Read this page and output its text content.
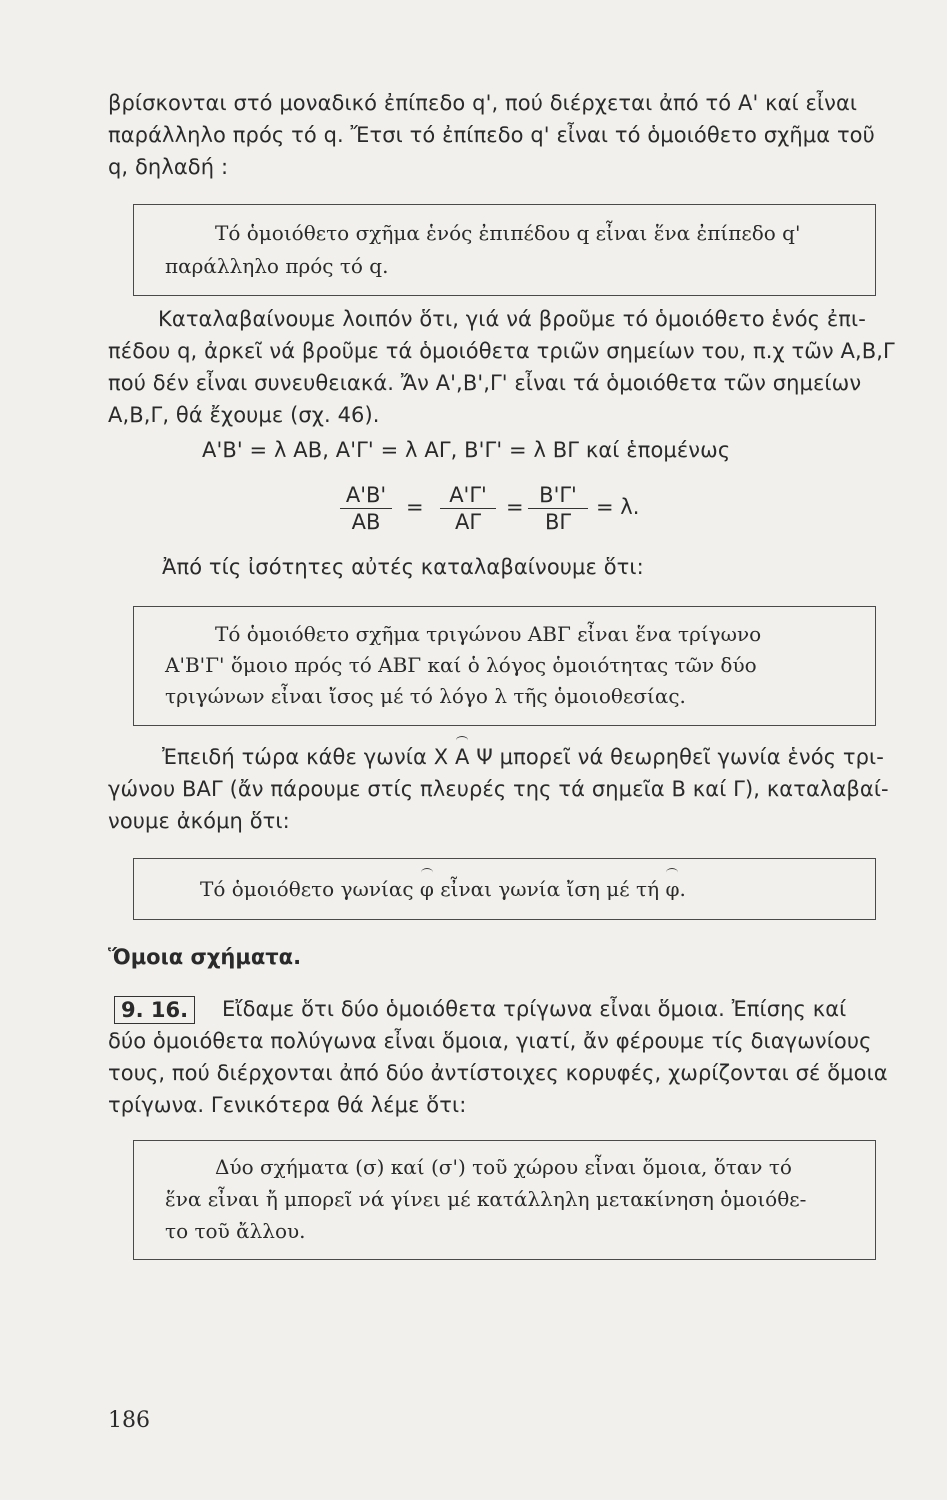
βρίσκονται στό μοναδικό ἐπίπεδο q', πού διέρχεται ἀπό τό Α' καί εἶναι
παράλληλο πρός τό q. Ἔτσι τό ἐπίπεδο q' εἶναι τό ὁμοιόθετο σχῆμα τοῦ
q, δηλαδή :
Τό ὁμοιόθετο σχῆμα ἑνός ἐπιπέδου q εἶναι ἕνα ἐπίπεδο q'
παράλληλο πρός τό q.
Καταλαβαίνουμε λοιπόν ὅτι, γιά νά βροῦμε τό ὁμοιόθετο ἑνός ἐπι-
πέδου q, ἀρκεῖ νά βροῦμε τά ὁμοιόθετα τριῶν σημείων του, π.χ τῶν Α,Β,Γ
πού δέν εἶναι συνευθειακά. Ἄν Α',Β',Γ' εἶναι τά ὁμοιόθετα τῶν σημείων
Α,Β,Γ, θά ἔχουμε (σχ. 46).
Α'Β' = λ ΑΒ, Α'Γ' = λ ΑΓ, Β'Γ' = λ ΒΓ καί ἑπομένως
$\frac{A'B'}{AB} = \frac{A'\Gamma'}{A\Gamma} = \frac{B'\Gamma'}{B\Gamma} = \lambda$.
Ἀπό τίς ἰσότητες αὐτές καταλαβαίνουμε ὅτι:
Τό ὁμοιόθετο σχῆμα τριγώνου ΑΒΓ εἶναι ἕνα τρίγωνο
Α'Β'Γ' ὅμοιο πρός τό ΑΒΓ καί ὁ λόγος ὁμοιότητας τῶν δύο
τριγώνων εἶναι ἴσος μέ τό λόγο λ τῆς ὁμοιοθεσίας.
Ἐπειδή τώρα κάθε γωνία Χ Α Ψ μπορεῖ νά θεωρηθεῖ γωνία ἑνός τρι-
γώνου ΒΑΓ (ἄν πάρουμε στίς πλευρές της τά σημεῖα Β καί Γ), καταλαβαί-
νουμε ἀκόμη ὅτι:
Τό ὁμοιόθετο γωνίας φ εἶναι γωνία ἴση μέ τή φ.
Ὅμοια σχήματα.
9. 16.	Εἴδαμε ὅτι δύο ὁμοιόθετα τρίγωνα εἶναι ὅμοια. Ἐπίσης καί
δύο ὁμοιόθετα πολύγωνα εἶναι ὅμοια, γιατί, ἄν φέρουμε τίς διαγωνίους
τους, πού διέρχονται ἀπό δύο ἀντίστοιχες κορυφές, χωρίζονται σέ ὅμοια
τρίγωνα. Γενικότερα θά λέμε ὅτι:
Δύο σχήματα (σ) καί (σ') τοῦ χώρου εἶναι ὅμοια, ὅταν τό
ἕνα εἶναι ἤ μπορεῖ νά γίνει μέ κατάλληλη μετακίνηση ὁμοιόθε-
το τοῦ ἄλλου.
186
